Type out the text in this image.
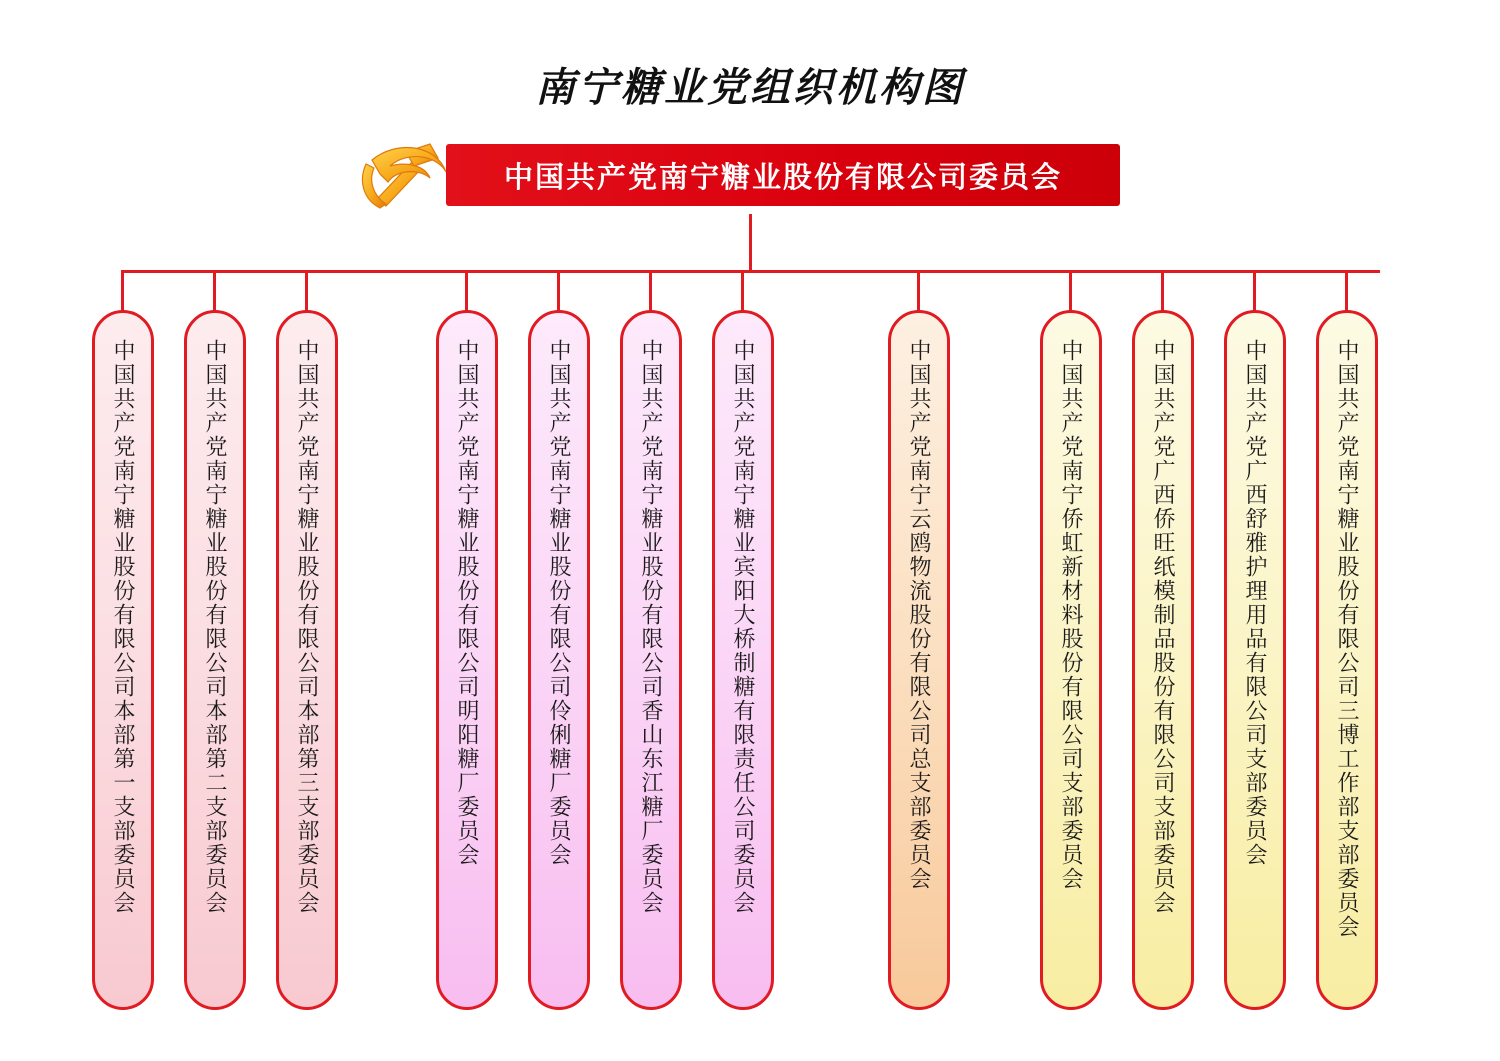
南宁糖业党组织机构图
中国共产党南宁糖业股份有限公司委员会
中国共产党南宁糖业股份有限公司本部第一支部委员会	中国共产党南宁糖业股份有限公司本部第二支部委员会	中国共产党南宁糖业股份有限公司本部第三支部委员会	中国共产党南宁糖业股份有限公司明阳糖厂委员会	中国共产党南宁糖业股份有限公司伶俐糖厂委员会	中国共产党南宁糖业股份有限公司香山东江糖厂委员会	中国共产党南宁糖业宾阳大桥制糖有限责任公司委员会	中国共产党南宁云鸥物流股份有限公司总支部委员会	中国共产党南宁侨虹新材料股份有限公司支部委员会	中国共产党广西侨旺纸模制品股份有限公司支部委员会	中国共产党广西舒雅护理用品有限公司支部委员会	中国共产党南宁糖业股份有限公司三博工作部支部委员会
